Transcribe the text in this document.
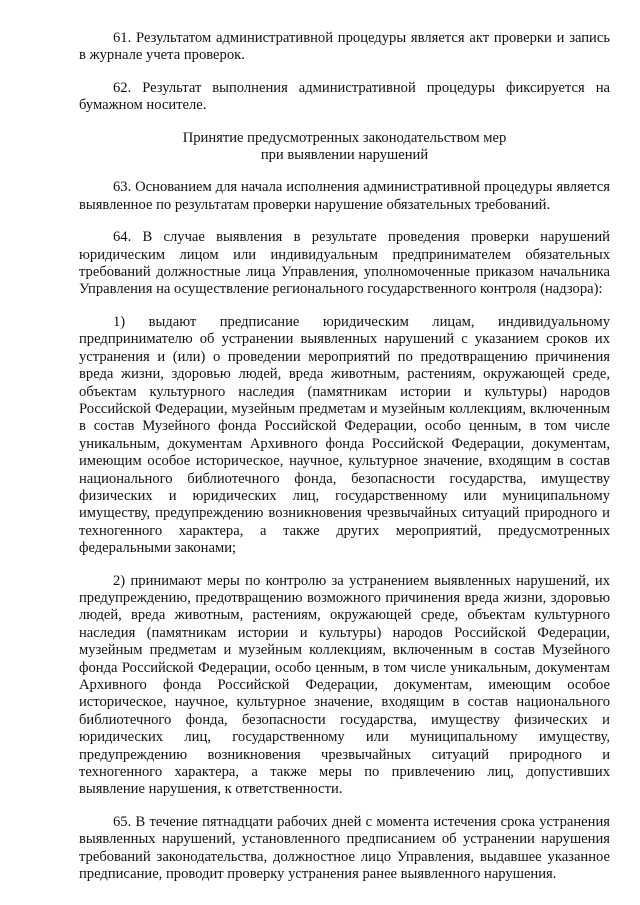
61. Результатом административной процедуры является акт проверки и запись в журнале учета проверок.

62. Результат выполнения административной процедуры фиксируется на бумажном носителе.

Принятие предусмотренных законодательством мер
при выявлении нарушений

63. Основанием для начала исполнения административной процедуры является выявленное по результатам проверки нарушение обязательных требований.

64. В случае выявления в результате проведения проверки нарушений юридическим лицом или индивидуальным предпринимателем обязательных требований должностные лица Управления, уполномоченные приказом начальника Управления на осуществление регионального государственного контроля (надзора):

1) выдают предписание юридическим лицам, индивидуальному предпринимателю об устранении выявленных нарушений с указанием сроков их устранения и (или) о проведении мероприятий по предотвращению причинения вреда жизни, здоровью людей, вреда животным, растениям, окружающей среде, объектам культурного наследия (памятникам истории и культуры) народов Российской Федерации, музейным предметам и музейным коллекциям, включенным в состав Музейного фонда Российской Федерации, особо ценным, в том числе уникальным, документам Архивного фонда Российской Федерации, документам, имеющим особое историческое, научное, культурное значение, входящим в состав национального библиотечного фонда, безопасности государства, имуществу физических и юридических лиц, государственному или муниципальному имуществу, предупреждению возникновения чрезвычайных ситуаций природного и техногенного характера, а также других мероприятий, предусмотренных федеральными законами;

2) принимают меры по контролю за устранением выявленных нарушений, их предупреждению, предотвращению возможного причинения вреда жизни, здоровью людей, вреда животным, растениям, окружающей среде, объектам культурного наследия (памятникам истории и культуры) народов Российской Федерации, музейным предметам и музейным коллекциям, включенным в состав Музейного фонда Российской Федерации, особо ценным, в том числе уникальным, документам Архивного фонда Российской Федерации, документам, имеющим особое историческое, научное, культурное значение, входящим в состав национального библиотечного фонда, безопасности государства, имуществу физических и юридических лиц, государственному или муниципальному имуществу, предупреждению возникновения чрезвычайных ситуаций природного и техногенного характера, а также меры по привлечению лиц, допустивших выявление нарушения, к ответственности.

65. В течение пятнадцати рабочих дней с момента истечения срока устранения выявленных нарушений, установленного предписанием об устранении нарушения требований законодательства, должностное лицо Управления, выдавшее указанное предписание, проводит проверку устранения ранее выявленного нарушения.
